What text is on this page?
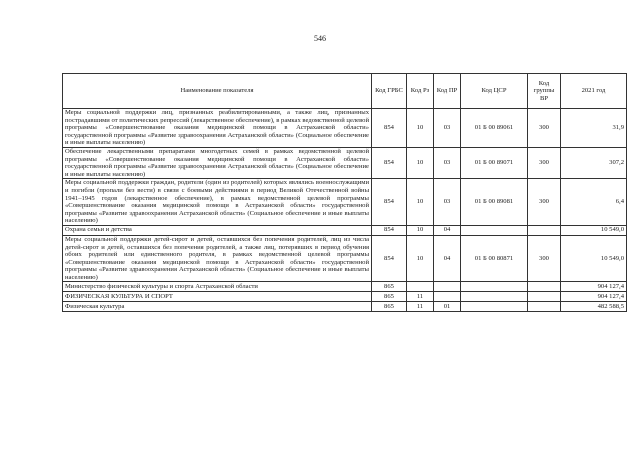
546
Наименование показателя	Код ГРБС	Код Рз	Код ПР	Код ЦСР	Код группы ВР	2021 год
Меры социальной поддержки лиц, признанных реабилитированными, а также лиц, признанных пострадавшими от политических репрессий (лекарственное обеспечение), в рамках ведомственной целевой программы «Совершенствование оказания медицинской помощи в Астраханской области» государственной программы «Развитие здравоохранения Астраханской области» (Социальное обеспечение и иные выплаты населению)	854	10	03	01 Б 00 89061	300	31,9
Обеспечение лекарственными препаратами многодетных семей в рамках ведомственной целевой программы «Совершенствование оказания медицинской помощи в Астраханской области» государственной программы «Развитие здравоохранения Астраханской области» (Социальное обеспечение и иные выплаты населению)	854	10	03	01 Б 00 89071	300	307,2
Меры социальной поддержки граждан, родители (один из родителей) которых являлись военнослужащими и погибли (пропали без вести) в связи с боевыми действиями в период Великой Отечественной войны 1941–1945 годов (лекарственное обеспечение), в рамках ведомственной целевой программы «Совершенствование оказания медицинской помощи в Астраханской области» государственной программы «Развитие здравоохранения Астраханской области» (Социальное обеспечение и иные выплаты населению)	854	10	03	01 Б 00 89081	300	6,4
Охрана семьи и детства	854	10	04			10 549,0
Меры социальной поддержки детей-сирот и детей, оставшихся без попечения родителей, лиц из числа детей-сирот и детей, оставшихся без попечения родителей, а также лиц, потерявших в период обучения обоих родителей или единственного родителя, в рамках ведомственной целевой программы «Совершенствование оказания медицинской помощи в Астраханской области» государственной программы «Развитие здравоохранения Астраханской области» (Социальное обеспечение и иные выплаты населению)	854	10	04	01 Б 00 80871	300	10 549,0
Министерство физической культуры и спорта Астраханской области	865					904 127,4
ФИЗИЧЕСКАЯ КУЛЬТУРА И СПОРТ	865	11				904 127,4
Физическая культура	865	11	01			482 588,5
